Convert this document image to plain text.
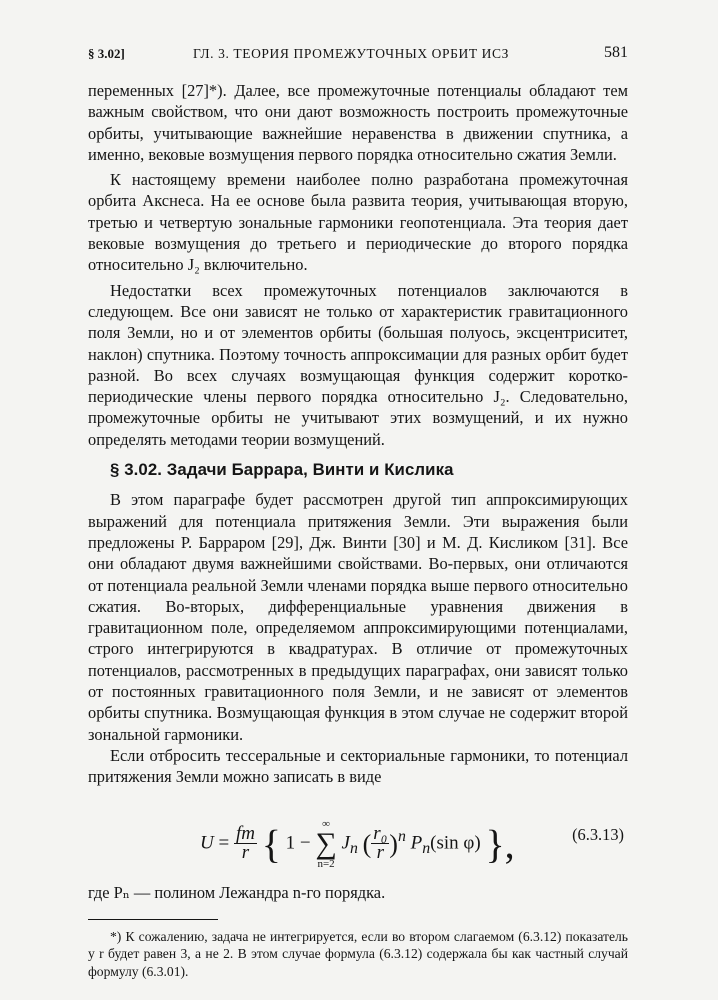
§ 3.02]	ГЛ. 3. ТЕОРИЯ ПРОМЕЖУТОЧНЫХ ОРБИТ ИСЗ	581

переменных [27]*). Далее, все промежуточные потенциалы обладают тем важным свойством, что они дают возможность построить промежуточные орбиты, учитывающие важнейшие неравенства в движении спутника, а именно, вековые возмущения первого порядка относительно сжатия Земли.

К настоящему времени наиболее полно разработана промежуточная орбита Акснеса. На ее основе была развита теория, учитывающая вторую, третью и четвертую зональные гармоники геопотенциала. Эта теория дает вековые возмущения до третьего и периодические до второго порядка относительно J₂ включительно.

Недостатки всех промежуточных потенциалов заключаются в следующем. Все они зависят не только от характеристик гравитационного поля Земли, но и от элементов орбиты (большая полуось, эксцентриситет, наклон) спутника. Поэтому точность аппроксимации для разных орбит будет разной. Во всех случаях возмущающая функция содержит коротко-периодические члены первого порядка относительно J₂. Следовательно, промежуточные орбиты не учитывают этих возмущений, и их нужно определять методами теории возмущений.

§ 3.02. Задачи Баррара, Винти и Кислика

В этом параграфе будет рассмотрен другой тип аппроксимирующих выражений для потенциала притяжения Земли. Эти выражения были предложены Р. Барраром [29], Дж. Винти [30] и М. Д. Кисликом [31]. Все они обладают двумя важнейшими свойствами. Во-первых, они отличаются от потенциала реальной Земли членами порядка выше первого относительно сжатия. Во-вторых, дифференциальные уравнения движения в гравитационном поле, определяемом аппроксимирующими потенциалами, строго интегрируются в квадратурах. В отличие от промежуточных потенциалов, рассмотренных в предыдущих параграфах, они зависят только от постоянных гравитационного поля Земли, и не зависят от элементов орбиты спутника. Возмущающая функция в этом случае не содержит второй зональной гармоники.

Если отбросить тессеральные и секториальные гармоники, то потенциал притяжения Земли можно записать в виде

$U = \frac{fm}{r}$ { 1 −
∞
∑
n=2
$J_n$ ( $\frac{\text{r₀}}{r} )^n$ $P_n(\sin$ φ) },	(6.3.13)

где Pₙ — полином Лежандра n-го порядка.

*) К сожалению, задача не интегрируется, если во втором слагаемом (6.3.12) показатель у r будет равен 3, а не 2. В этом случае формула (6.3.12) содержала бы как частный случай формулу (6.3.01).
